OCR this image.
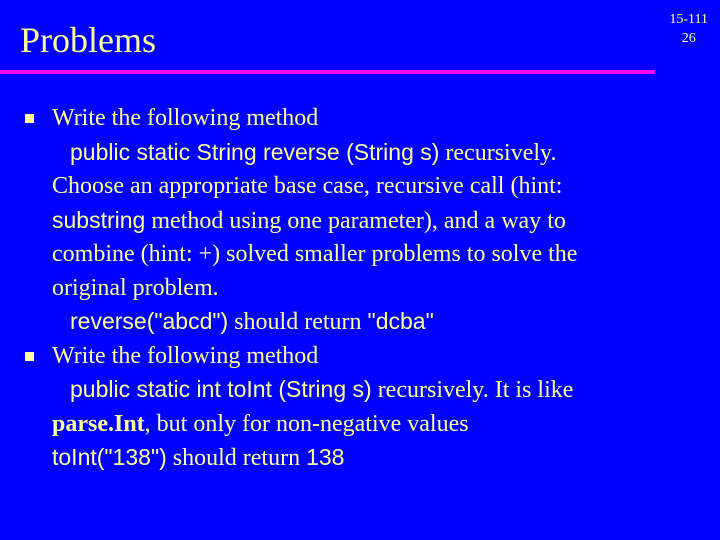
Problems
15-111
26
Write the following method
public static String reverse (String s) recursively.
Choose an appropriate base case, recursive call (hint:
substring method using one parameter), and a way to
combine (hint: +) solved smaller problems to solve the
original problem.
reverse("abcd") should return "dcba"
Write the following method
public static int toInt (String s) recursively. It is like
parse.Int, but only for non-negative values
toInt("138") should return 138
